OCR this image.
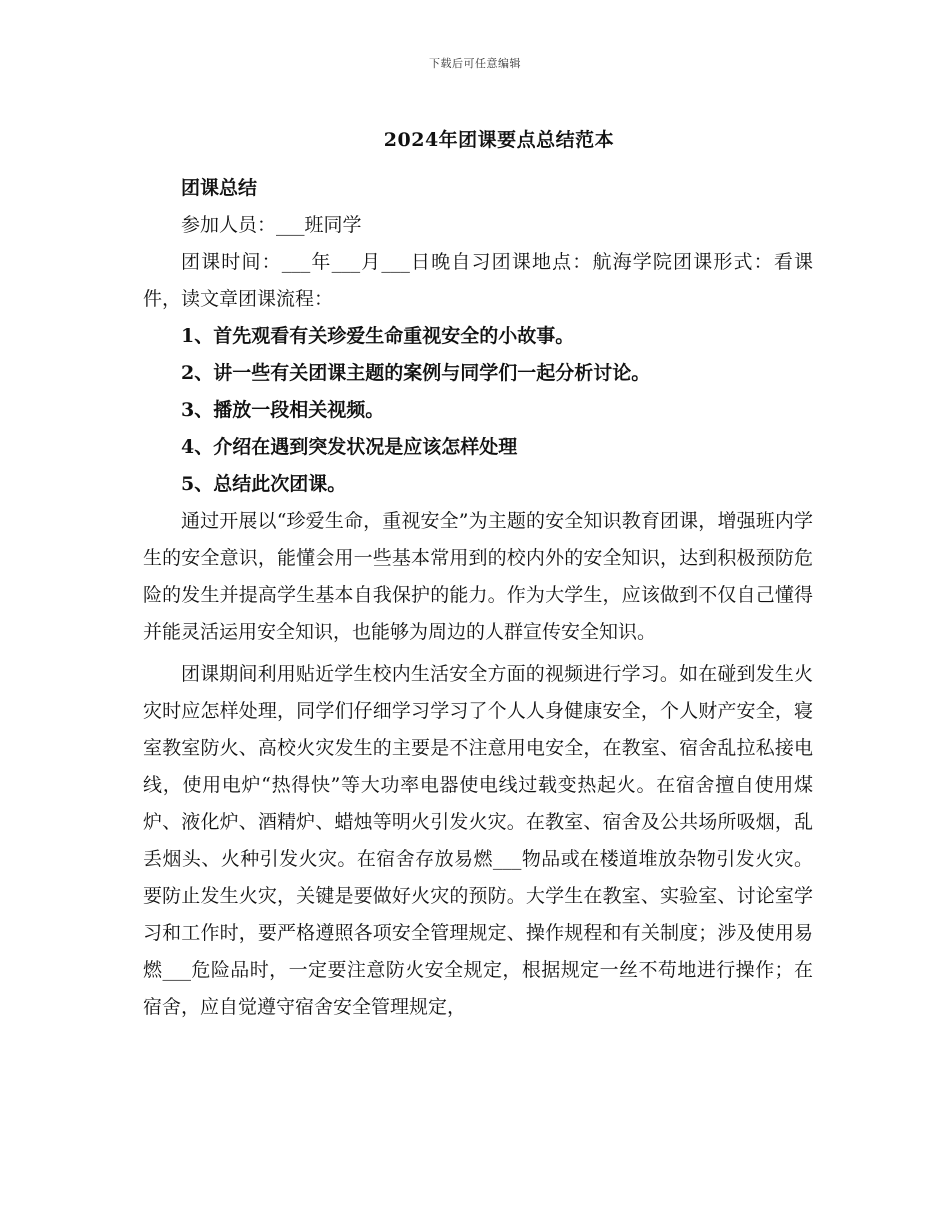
下载后可任意编辑
2024年团课要点总结范本

团课总结

参加人员：___班同学

团课时间：___年___月___日晚自习团课地点：航海学院团课形式：看课件，读文章团课流程：

1、首先观看有关珍爱生命重视安全的小故事。

2、讲一些有关团课主题的案例与同学们一起分析讨论。

3、播放一段相关视频。

4、介绍在遇到突发状况是应该怎样处理

5、总结此次团课。

通过开展以“珍爱生命，重视安全”为主题的安全知识教育团课，增强班内学生的安全意识，能懂会用一些基本常用到的校内外的安全知识，达到积极预防危险的发生并提高学生基本自我保护的能力。作为大学生，应该做到不仅自己懂得并能灵活运用安全知识，也能够为周边的人群宣传安全知识。

团课期间利用贴近学生校内生活安全方面的视频进行学习。如在碰到发生火灾时应怎样处理，同学们仔细学习学习了个人人身健康安全，个人财产安全，寝室教室防火、高校火灾发生的主要是不注意用电安全，在教室、宿舍乱拉私接电线，使用电炉“热得快”等大功率电器使电线过载变热起火。在宿舍擅自使用煤炉、液化炉、酒精炉、蜡烛等明火引发火灾。在教室、宿舍及公共场所吸烟，乱丢烟头、火种引发火灾。在宿舍存放易燃___物品或在楼道堆放杂物引发火灾。要防止发生火灾，关键是要做好火灾的预防。大学生在教室、实验室、讨论室学习和工作时，要严格遵照各项安全管理规定、操作规程和有关制度；涉及使用易燃___危险品时，一定要注意防火安全规定，根据规定一丝不苟地进行操作；在宿舍，应自觉遵守宿舍安全管理规定，
